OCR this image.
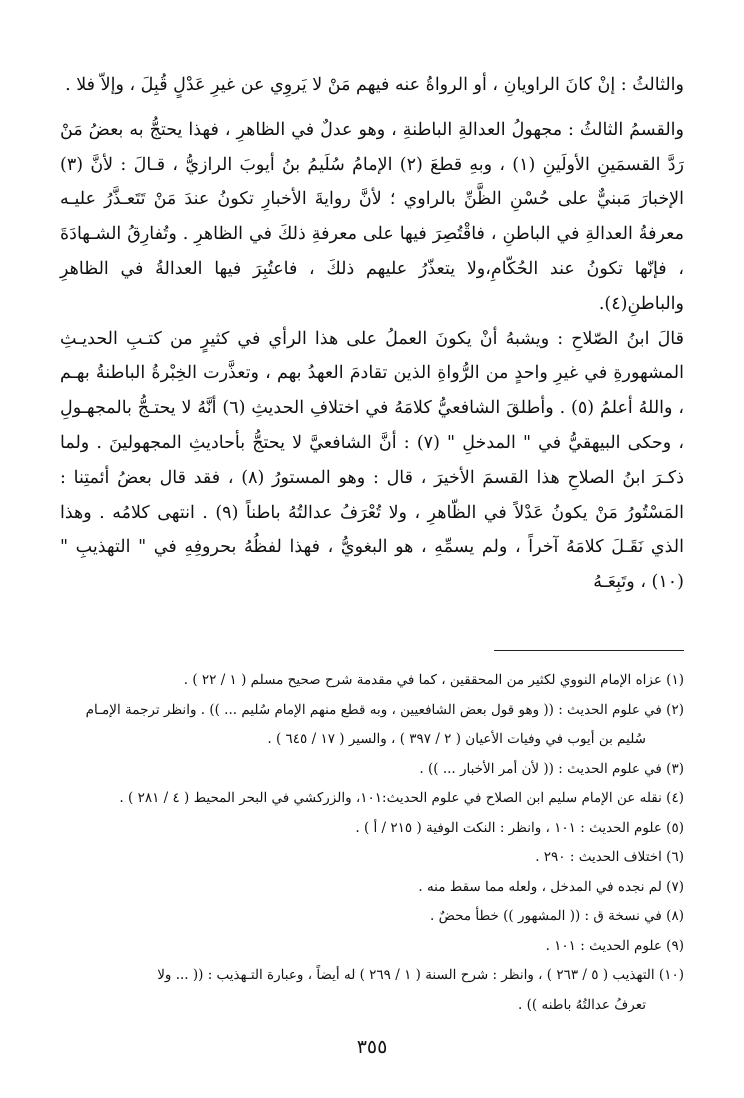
والثالثُ : إنْ كانَ الراويانِ ، أو الرواةُ عنه فيهم مَنْ لا يَروِي عن غيرِ عَدْلٍ قُبِلَ ، وإلاّ فلا .

والقسمُ الثالثُ : مجهولُ العدالةِ الباطنةِ ، وهو عدلٌ في الظاهرِ ، فهذا يحتجُّ به بعضُ مَنْ رَدَّ القسمَينِ الأولَينِ (١) ، وبهِ قطعَ (٢) الإمامُ سُلَيمُ بنُ أيوبَ الرازيُّ ، قـالَ : لأنَّ (٣) الإخبارَ مَبنيٌّ على حُسْنِ الظَّنِّ بالراوي ؛ لأنَّ روايةَ الأخبارِ تكونُ عندَ مَنْ تَتَعـذَّرُ عليـه معرفةُ العدالةِ في الباطنِ ، فاقْتُصِرَ فيها على معرفةِ ذلكَ في الظاهرِ . وتُفارِقُ الشـهادَةَ ، فإنّها تكونُ عند الحُكّامِ،ولا يتعذّرُ عليهم ذلكَ ، فاعتُبِرَ فيها العدالةُ في الظاهرِ والباطنِ(٤).

قالَ ابنُ الصّلاحِ : ويشبهُ أنْ يكونَ العملُ على هذا الرأي في كثيرٍ من كتـبِ الحديـثِ المشهورةِ في غيرِ واحدٍ من الرُّواةِ الذين تقادمَ العهدُ بهم ، وتعذَّرت الخِبْرةُ الباطنةُ بهـم ، واللهُ أعلمُ (٥) . وأطلقَ الشافعيُّ كلامَهُ في اختلافِ الحديثِ (٦) أنَّهُ لا يحتـجُّ بالمجهـولِ ، وحكى البيهقيُّ في " المدخلِ " (٧) : أنَّ الشافعيَّ لا يحتجُّ بأحاديثِ المجهولينَ . ولما ذكـرَ ابنُ الصلاحِ هذا القسمَ الأخيرَ ، قال : وهو المستورُ (٨) ، فقد قال بعضُ أئمتِنا : المَسْتُورُ مَنْ يكونُ عَدْلاً في الظّاهرِ ، ولا تُعْرَفُ عدالتُهُ باطناً (٩) . انتهى كلامُه . وهذا الذي نَقَـلَ كلامَهُ آخراً ، ولم يسمِّهِ ، هو البغويُّ ، فهذا لفظُهُ بحروفِهِ في " التهذيبِ " (١٠) ، وتَبِعَـهُ

(١) عزاه الإمام النووي لكثير من المحققين ، كما في مقدمة شرح صحيح مسلم ( ١ / ٢٢ ) .

(٢) في علوم الحديث : (( وهو قول بعض الشافعيين ، وبه قطع منهم الإمام سُليم ... )) . وانظر ترجمة الإمـام
سُليم بن أيوب في وفيات الأعيان ( ٢ / ٣٩٧ ) ، والسير ( ١٧ / ٦٤٥ ) .

(٣) في علوم الحديث : (( لأن أمر الأخبار ... )) .

(٤) نقله عن الإمام سليم ابن الصلاح في علوم الحديث:١٠١، والزركشي في البحر المحيط ( ٤ / ٢٨١ ) .

(٥) علوم الحديث : ١٠١ ، وانظر : النكت الوفية ( ٢١٥ / أ ) .

(٦) اختلاف الحديث : ٢٩٠ .

(٧) لم نجده في المدخل ، ولعله مما سقط منه .

(٨) في نسخة ق : (( المشهور )) خطأ محضٌ .

(٩) علوم الحديث : ١٠١ .

(١٠) التهذيب ( ٥ / ٢٦٣ ) ، وانظر : شرح السنة ( ١ / ٢٦٩ ) له أيضاً ، وعبارة التـهذيب : (( ... ولا
تعرفُ عدالتُهُ باطنه )) .

٣٥٥
